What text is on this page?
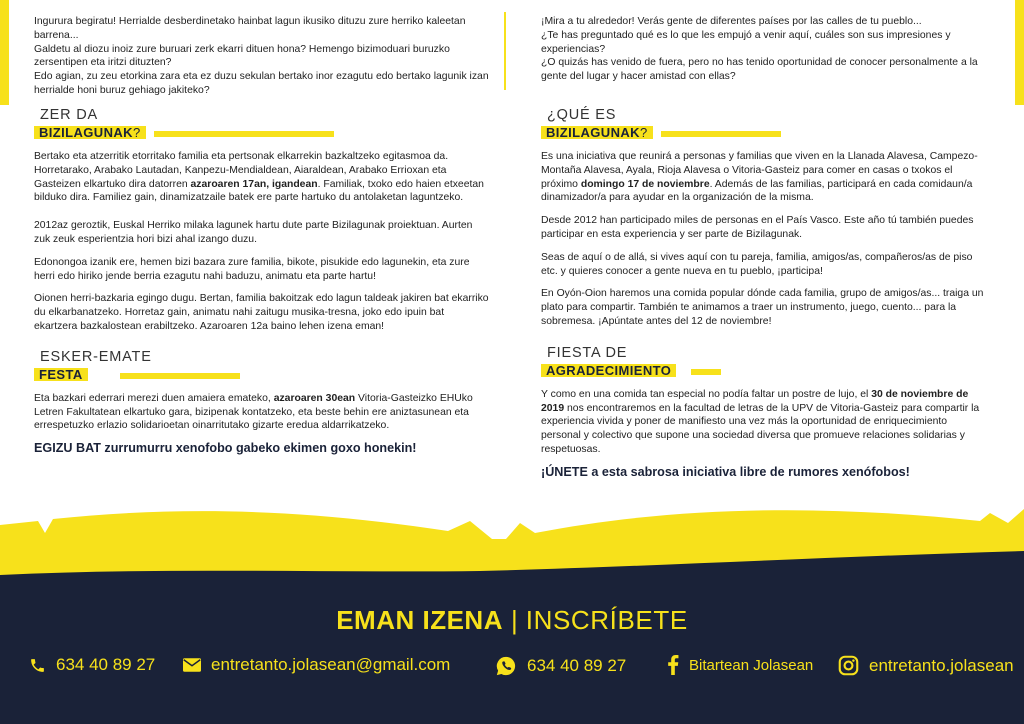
Ingurura begiratu! Herrialde desberdinetako hainbat lagun ikusiko dituzu zure herriko kaleetan barrena...

Galdetu al diozu inoiz zure buruari zerk ekarri dituen hona? Hemengo bizimoduari buruzko zersentipen eta iritzi dituzten?

Edo agian, zu zeu etorkina zara eta ez duzu sekulan bertako inor ezagutu edo bertako lagunik izan herrialde honi buruz gehiago jakiteko?

ZER DA
BIZILAGUNAK?

Bertako eta atzerritik etorritako familia eta pertsonak elkarrekin bazkaltzeko egitasmoa da. Horretarako, Arabako Lautadan, Kanpezu-Mendialdean, Aiaraldean, Arabako Errioxan eta Gasteizen elkartuko dira datorren azaroaren 17an, igandean. Familiak, txoko edo haien etxeetan bilduko dira. Familiez gain, dinamizatzaile batek ere parte hartuko du antolaketan laguntzeko.

2012az geroztik, Euskal Herriko milaka lagunek hartu dute parte Bizilagunak proiektuan. Aurten zuk zeuk esperientzia hori bizi ahal izango duzu.

Edonongoa izanik ere, hemen bizi bazara zure familia, bikote, pisukide edo lagunekin, eta zure herri edo hiriko jende berria ezagutu nahi baduzu, animatu eta parte hartu!

Oionen herri-bazkaria egingo dugu. Bertan, familia bakoitzak edo lagun taldeak jakiren bat ekarriko du elkarbanatzeko. Horretaz gain, animatu nahi zaitugu musika-tresna, joko edo ipuin bat ekartzera bazkalostean erabiltzeko. Azaroaren 12a baino lehen izena eman!

ESKER-EMATE
FESTA

Eta bazkari ederrari merezi duen amaiera emateko, azaroaren 30ean Vitoria-Gasteizko EHUko Letren Fakultatean elkartuko gara, bizipenak kontatzeko, eta beste behin ere aniztasunean eta errespetuzko erlazio solidarioetan oinarritutako gizarte eredua aldarrikatzeko.

EGIZU BAT zurrumurru xenofobo gabeko ekimen goxo honekin!

¡Mira a tu alrededor! Verás gente de diferentes países por las calles de tu pueblo...

¿Te has preguntado qué es lo que les empujó a venir aquí, cuáles son sus impresiones y experiencias?

¿O quizás has venido de fuera, pero no has tenido oportunidad de conocer personalmente a la gente del lugar y hacer amistad con ellas?

¿QUÉ ES
BIZILAGUNAK?

Es una iniciativa que reunirá a personas y familias que viven en la Llanada Alavesa, Campezo-Montaña Alavesa, Ayala, Rioja Alavesa o Vitoria-Gasteiz para comer en casas o txokos el próximo domingo 17 de noviembre. Además de las familias, participará en cada comidaun/a dinamizador/a para ayudar en la organización de la misma.

Desde 2012 han participado miles de personas en el País Vasco. Este año tú también puedes participar en esta experiencia y ser parte de Bizilagunak.

Seas de aquí o de allá, si vives aquí con tu pareja, familia, amigos/as, compañeros/as de piso etc. y quieres conocer a gente nueva en tu pueblo, ¡participa!

En Oyón-Oion haremos una comida popular dónde cada familia, grupo de amigos/as... traiga un plato para compartir. También te animamos a traer un instrumento, juego, cuento... para la sobremesa. ¡Apúntate antes del 12 de noviembre!

FIESTA DE
AGRADECIMIENTO

Y como en una comida tan especial no podía faltar un postre de lujo, el 30 de noviembre de 2019 nos encontraremos en la facultad de letras de la UPV de Vitoria-Gasteiz para compartir la experiencia vivida y poner de manifiesto una vez más la oportunidad de enriquecimiento personal y colectivo que supone una sociedad diversa que promueve relaciones solidarias y respetuosas.

¡ÚNETE a esta sabrosa iniciativa libre de rumores xenófobos!
EMAN IZENA | INSCRÍBETE
634 40 89 27	entretanto.jolasean@gmail.com	634 40 89 27	Bitartean Jolasean	entretanto.jolasean
